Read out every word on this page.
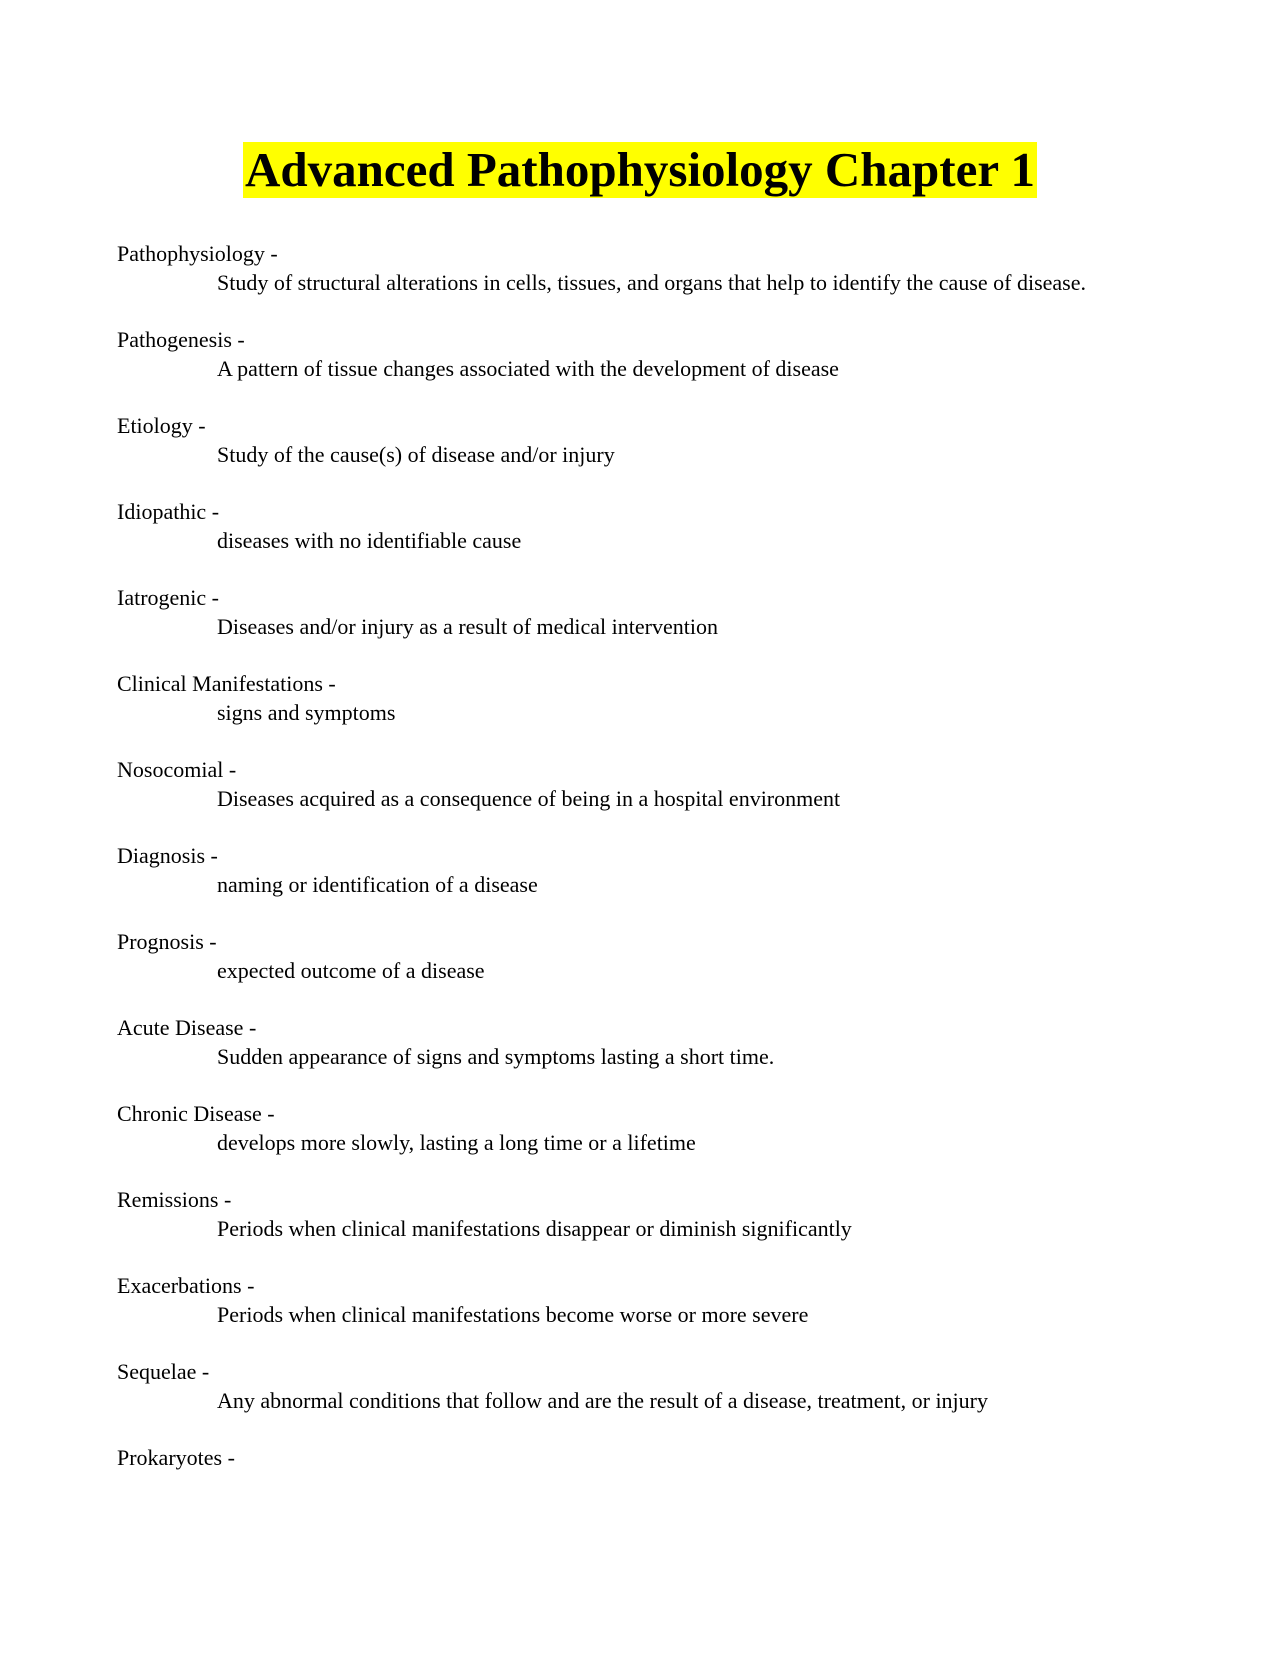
Advanced Pathophysiology Chapter 1
Pathophysiology -
Study of structural alterations in cells, tissues, and organs that help to identify the cause of disease.
Pathogenesis -
A pattern of tissue changes associated with the development of disease
Etiology -
Study of the cause(s) of disease and/or injury
Idiopathic -
diseases with no identifiable cause
Iatrogenic -
Diseases and/or injury as a result of medical intervention
Clinical Manifestations -
signs and symptoms
Nosocomial -
Diseases acquired as a consequence of being in a hospital environment
Diagnosis -
naming or identification of a disease
Prognosis -
expected outcome of a disease
Acute Disease -
Sudden appearance of signs and symptoms lasting a short time.
Chronic Disease -
develops more slowly, lasting a long time or a lifetime
Remissions -
Periods when clinical manifestations disappear or diminish significantly
Exacerbations -
Periods when clinical manifestations become worse or more severe
Sequelae -
Any abnormal conditions that follow and are the result of a disease, treatment, or injury
Prokaryotes -
